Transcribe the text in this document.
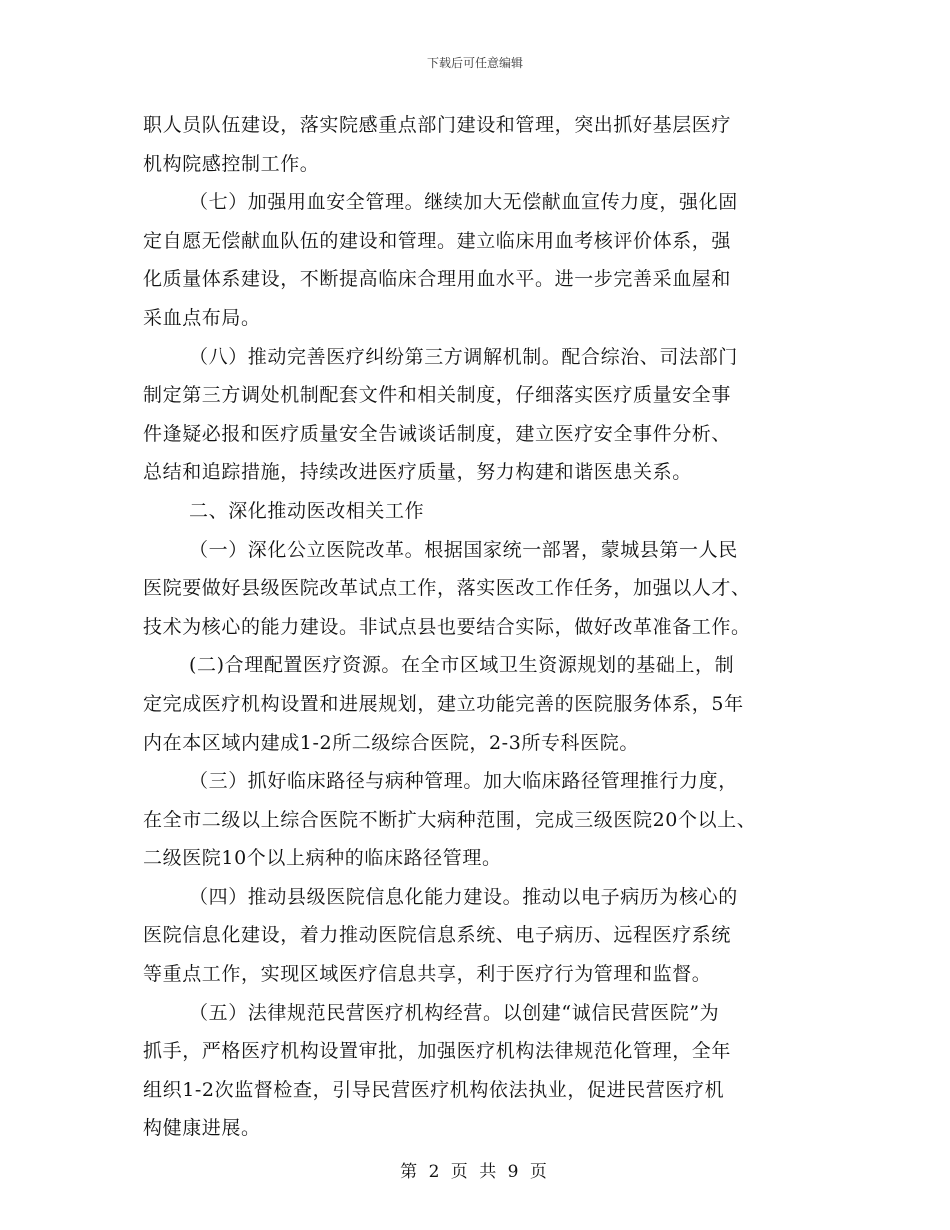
下载后可任意编辑
职人员队伍建设，落实院感重点部门建设和管理，突出抓好基层医疗
机构院感控制工作。
（七）加强用血安全管理。继续加大无偿献血宣传力度，强化固
定自愿无偿献血队伍的建设和管理。建立临床用血考核评价体系，强
化质量体系建设，不断提高临床合理用血水平。进一步完善采血屋和
采血点布局。
（八）推动完善医疗纠纷第三方调解机制。配合综治、司法部门
制定第三方调处机制配套文件和相关制度，仔细落实医疗质量安全事
件逢疑必报和医疗质量安全告诫谈话制度，建立医疗安全事件分析、
总结和追踪措施，持续改进医疗质量，努力构建和谐医患关系。
二、深化推动医改相关工作
（一）深化公立医院改革。根据国家统一部署，蒙城县第一人民
医院要做好县级医院改革试点工作，落实医改工作任务，加强以人才、
技术为核心的能力建设。非试点县也要结合实际，做好改革准备工作。
(二)合理配置医疗资源。在全市区域卫生资源规划的基础上，制
定完成医疗机构设置和进展规划，建立功能完善的医院服务体系，5年
内在本区域内建成1-2所二级综合医院，2-3所专科医院。
（三）抓好临床路径与病种管理。加大临床路径管理推行力度，
在全市二级以上综合医院不断扩大病种范围，完成三级医院20个以上、
二级医院10个以上病种的临床路径管理。
（四）推动县级医院信息化能力建设。推动以电子病历为核心的
医院信息化建设，着力推动医院信息系统、电子病历、远程医疗系统
等重点工作，实现区域医疗信息共享，利于医疗行为管理和监督。
（五）法律规范民营医疗机构经营。以创建“诚信民营医院”为
抓手，严格医疗机构设置审批，加强医疗机构法律规范化管理，全年
组织1-2次监督检查，引导民营医疗机构依法执业，促进民营医疗机
构健康进展。
第 2 页 共 9 页
